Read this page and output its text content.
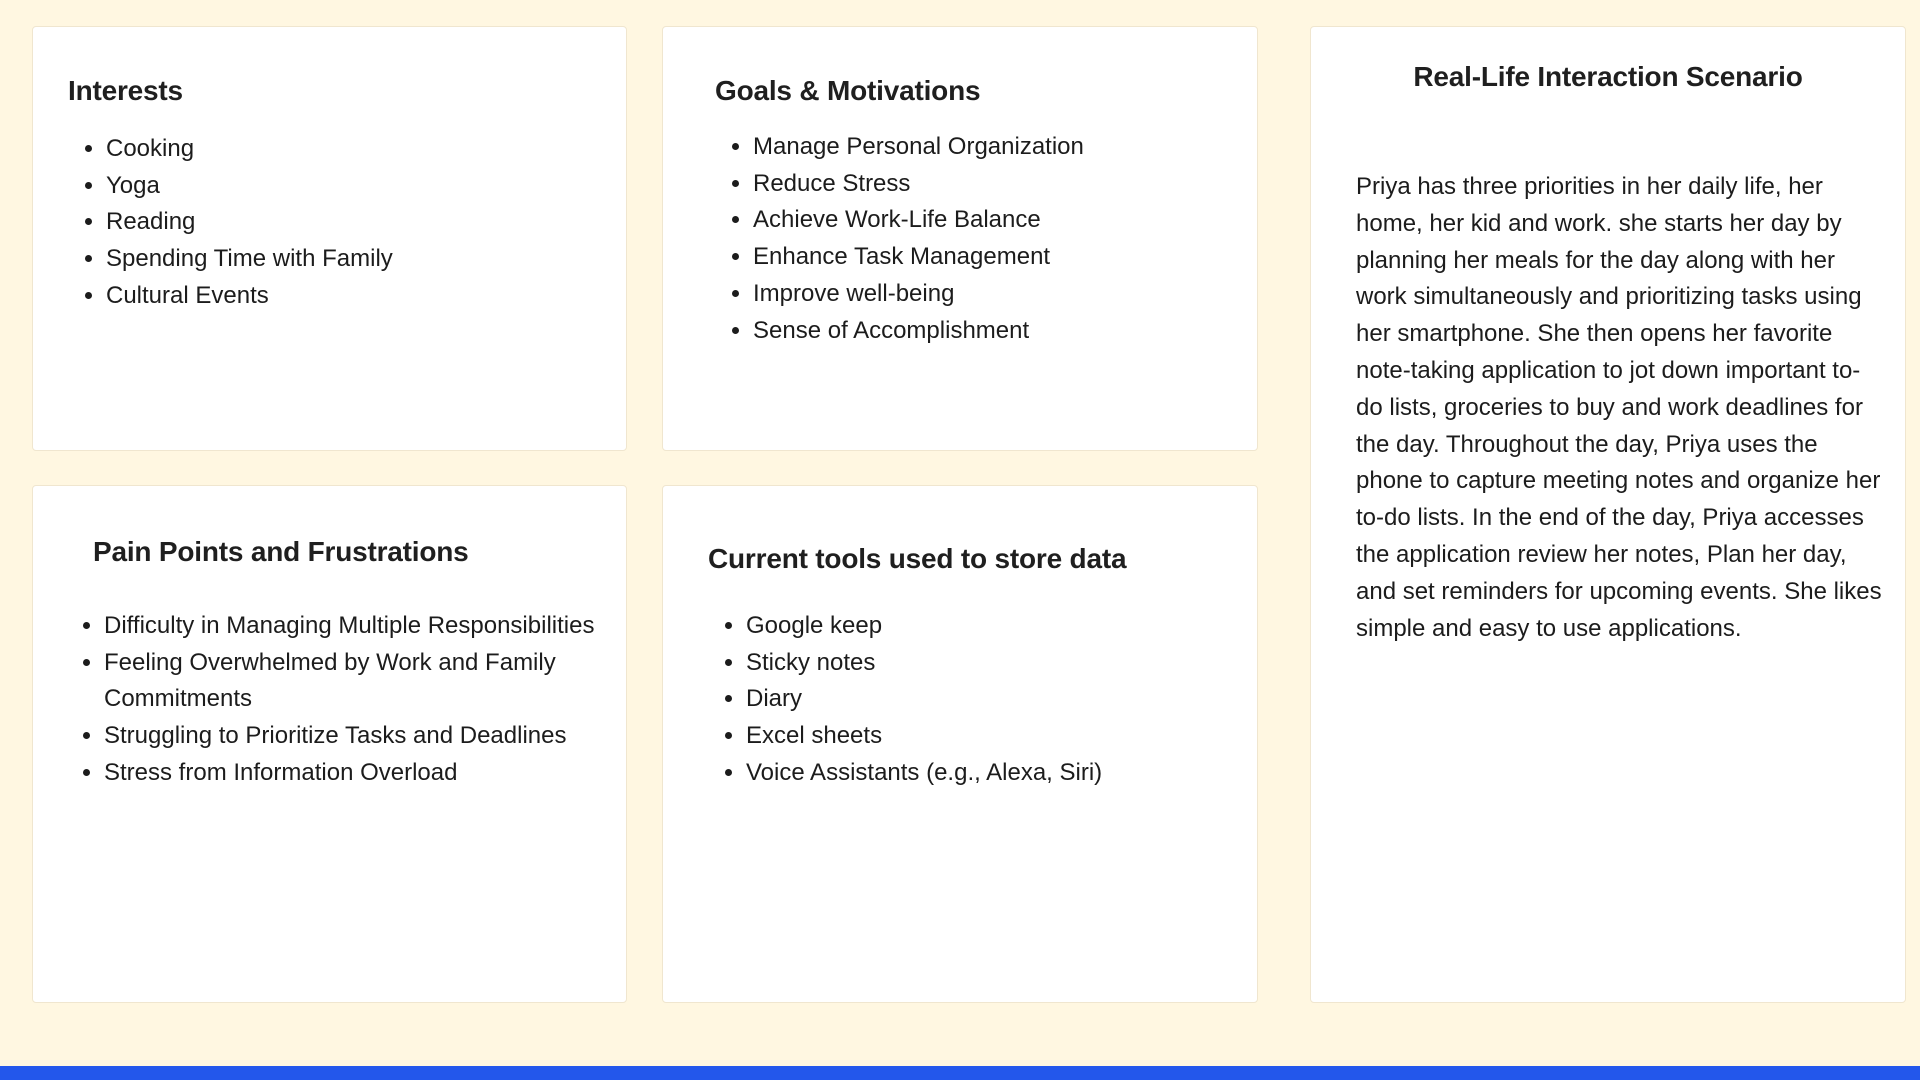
Interests
• Cooking
• Yoga
• Reading
• Spending Time with Family
• Cultural Events
Goals & Motivations
• Manage Personal Organization
• Reduce Stress
• Achieve Work-Life Balance
• Enhance Task Management
• Improve well-being
• Sense of Accomplishment
Pain Points and Frustrations
• Difficulty in Managing Multiple Responsibilities
• Feeling Overwhelmed by Work and Family Commitments
• Struggling to Prioritize Tasks and Deadlines
• Stress from Information Overload
Current tools used to store data
• Google keep
• Sticky notes
• Diary
• Excel sheets
• Voice Assistants (e.g., Alexa, Siri)
Real-Life Interaction Scenario

Priya has three priorities in her daily life, her home, her kid and work. she starts her day by planning her meals for the day along with her work simultaneously and prioritizing tasks using her smartphone. She then opens her favorite note-taking application to jot down important to-do lists, groceries to buy and work deadlines for the day. Throughout the day, Priya uses the phone to capture meeting notes and organize her to-do lists. In the end of the day, Priya accesses the application review her notes, Plan her day, and set reminders for upcoming events. She likes simple and easy to use applications.
